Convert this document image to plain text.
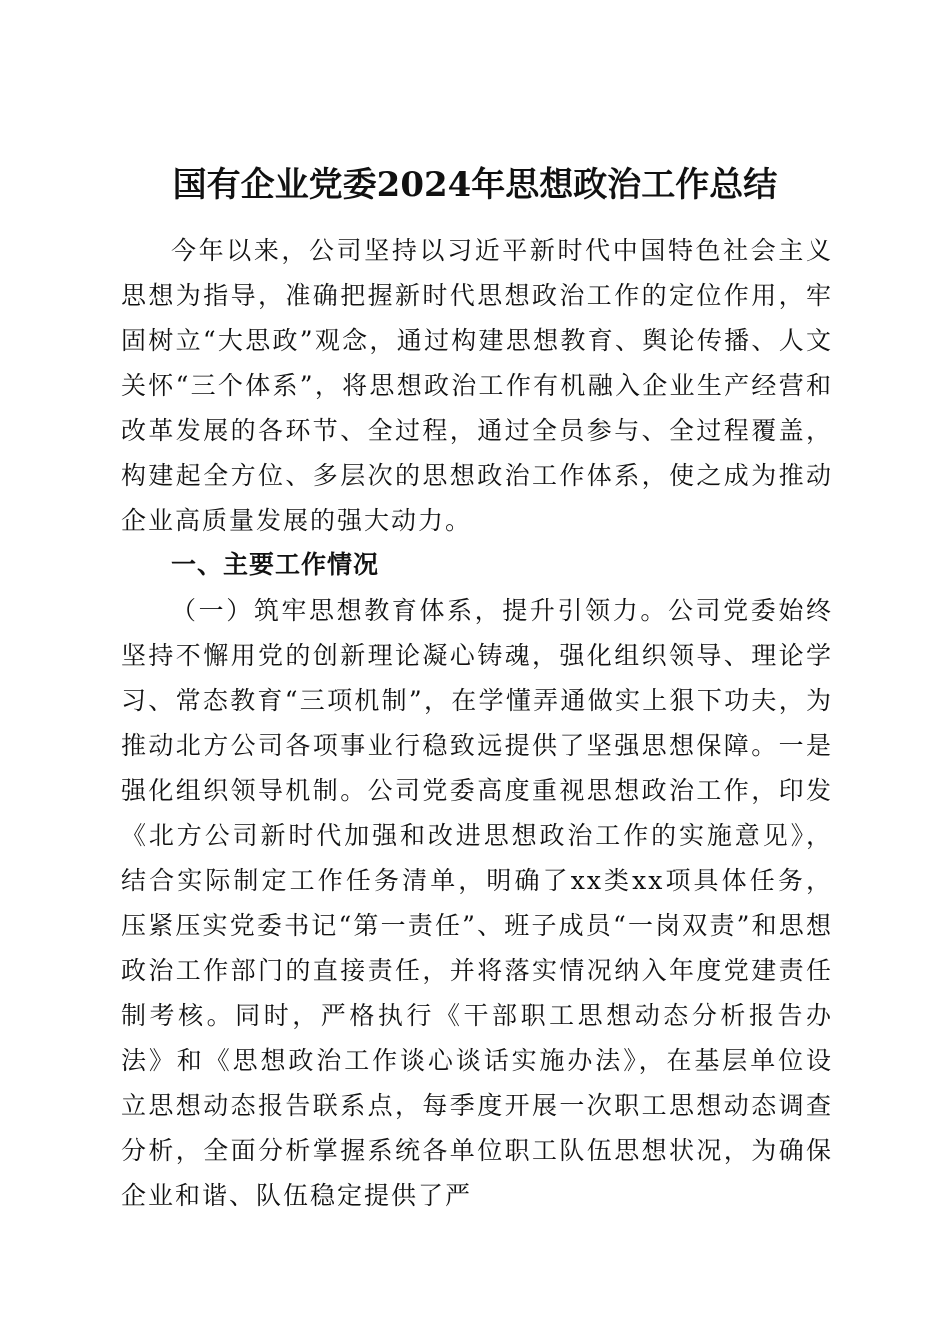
国有企业党委2024年思想政治工作总结

今年以来，公司坚持以习近平新时代中国特色社会主义思想为指导，准确把握新时代思想政治工作的定位作用，牢固树立“大思政”观念，通过构建思想教育、舆论传播、人文关怀“三个体系”，将思想政治工作有机融入企业生产经营和改革发展的各环节、全过程，通过全员参与、全过程覆盖，构建起全方位、多层次的思想政治工作体系，使之成为推动企业高质量发展的强大动力。

一、主要工作情况

（一）筑牢思想教育体系，提升引领力。公司党委始终坚持不懈用党的创新理论凝心铸魂，强化组织领导、理论学习、常态教育“三项机制”，在学懂弄通做实上狠下功夫，为推动北方公司各项事业行稳致远提供了坚强思想保障。一是强化组织领导机制。公司党委高度重视思想政治工作，印发《北方公司新时代加强和改进思想政治工作的实施意见》，结合实际制定工作任务清单，明确了xx类xx项具体任务，压紧压实党委书记“第一责任”、班子成员“一岗双责”和思想政治工作部门的直接责任，并将落实情况纳入年度党建责任制考核。同时，严格执行《干部职工思想动态分析报告办法》和《思想政治工作谈心谈话实施办法》，在基层单位设立思想动态报告联系点，每季度开展一次职工思想动态调查分析，全面分析掌握系统各单位职工队伍思想状况，为确保企业和谐、队伍稳定提供了严
